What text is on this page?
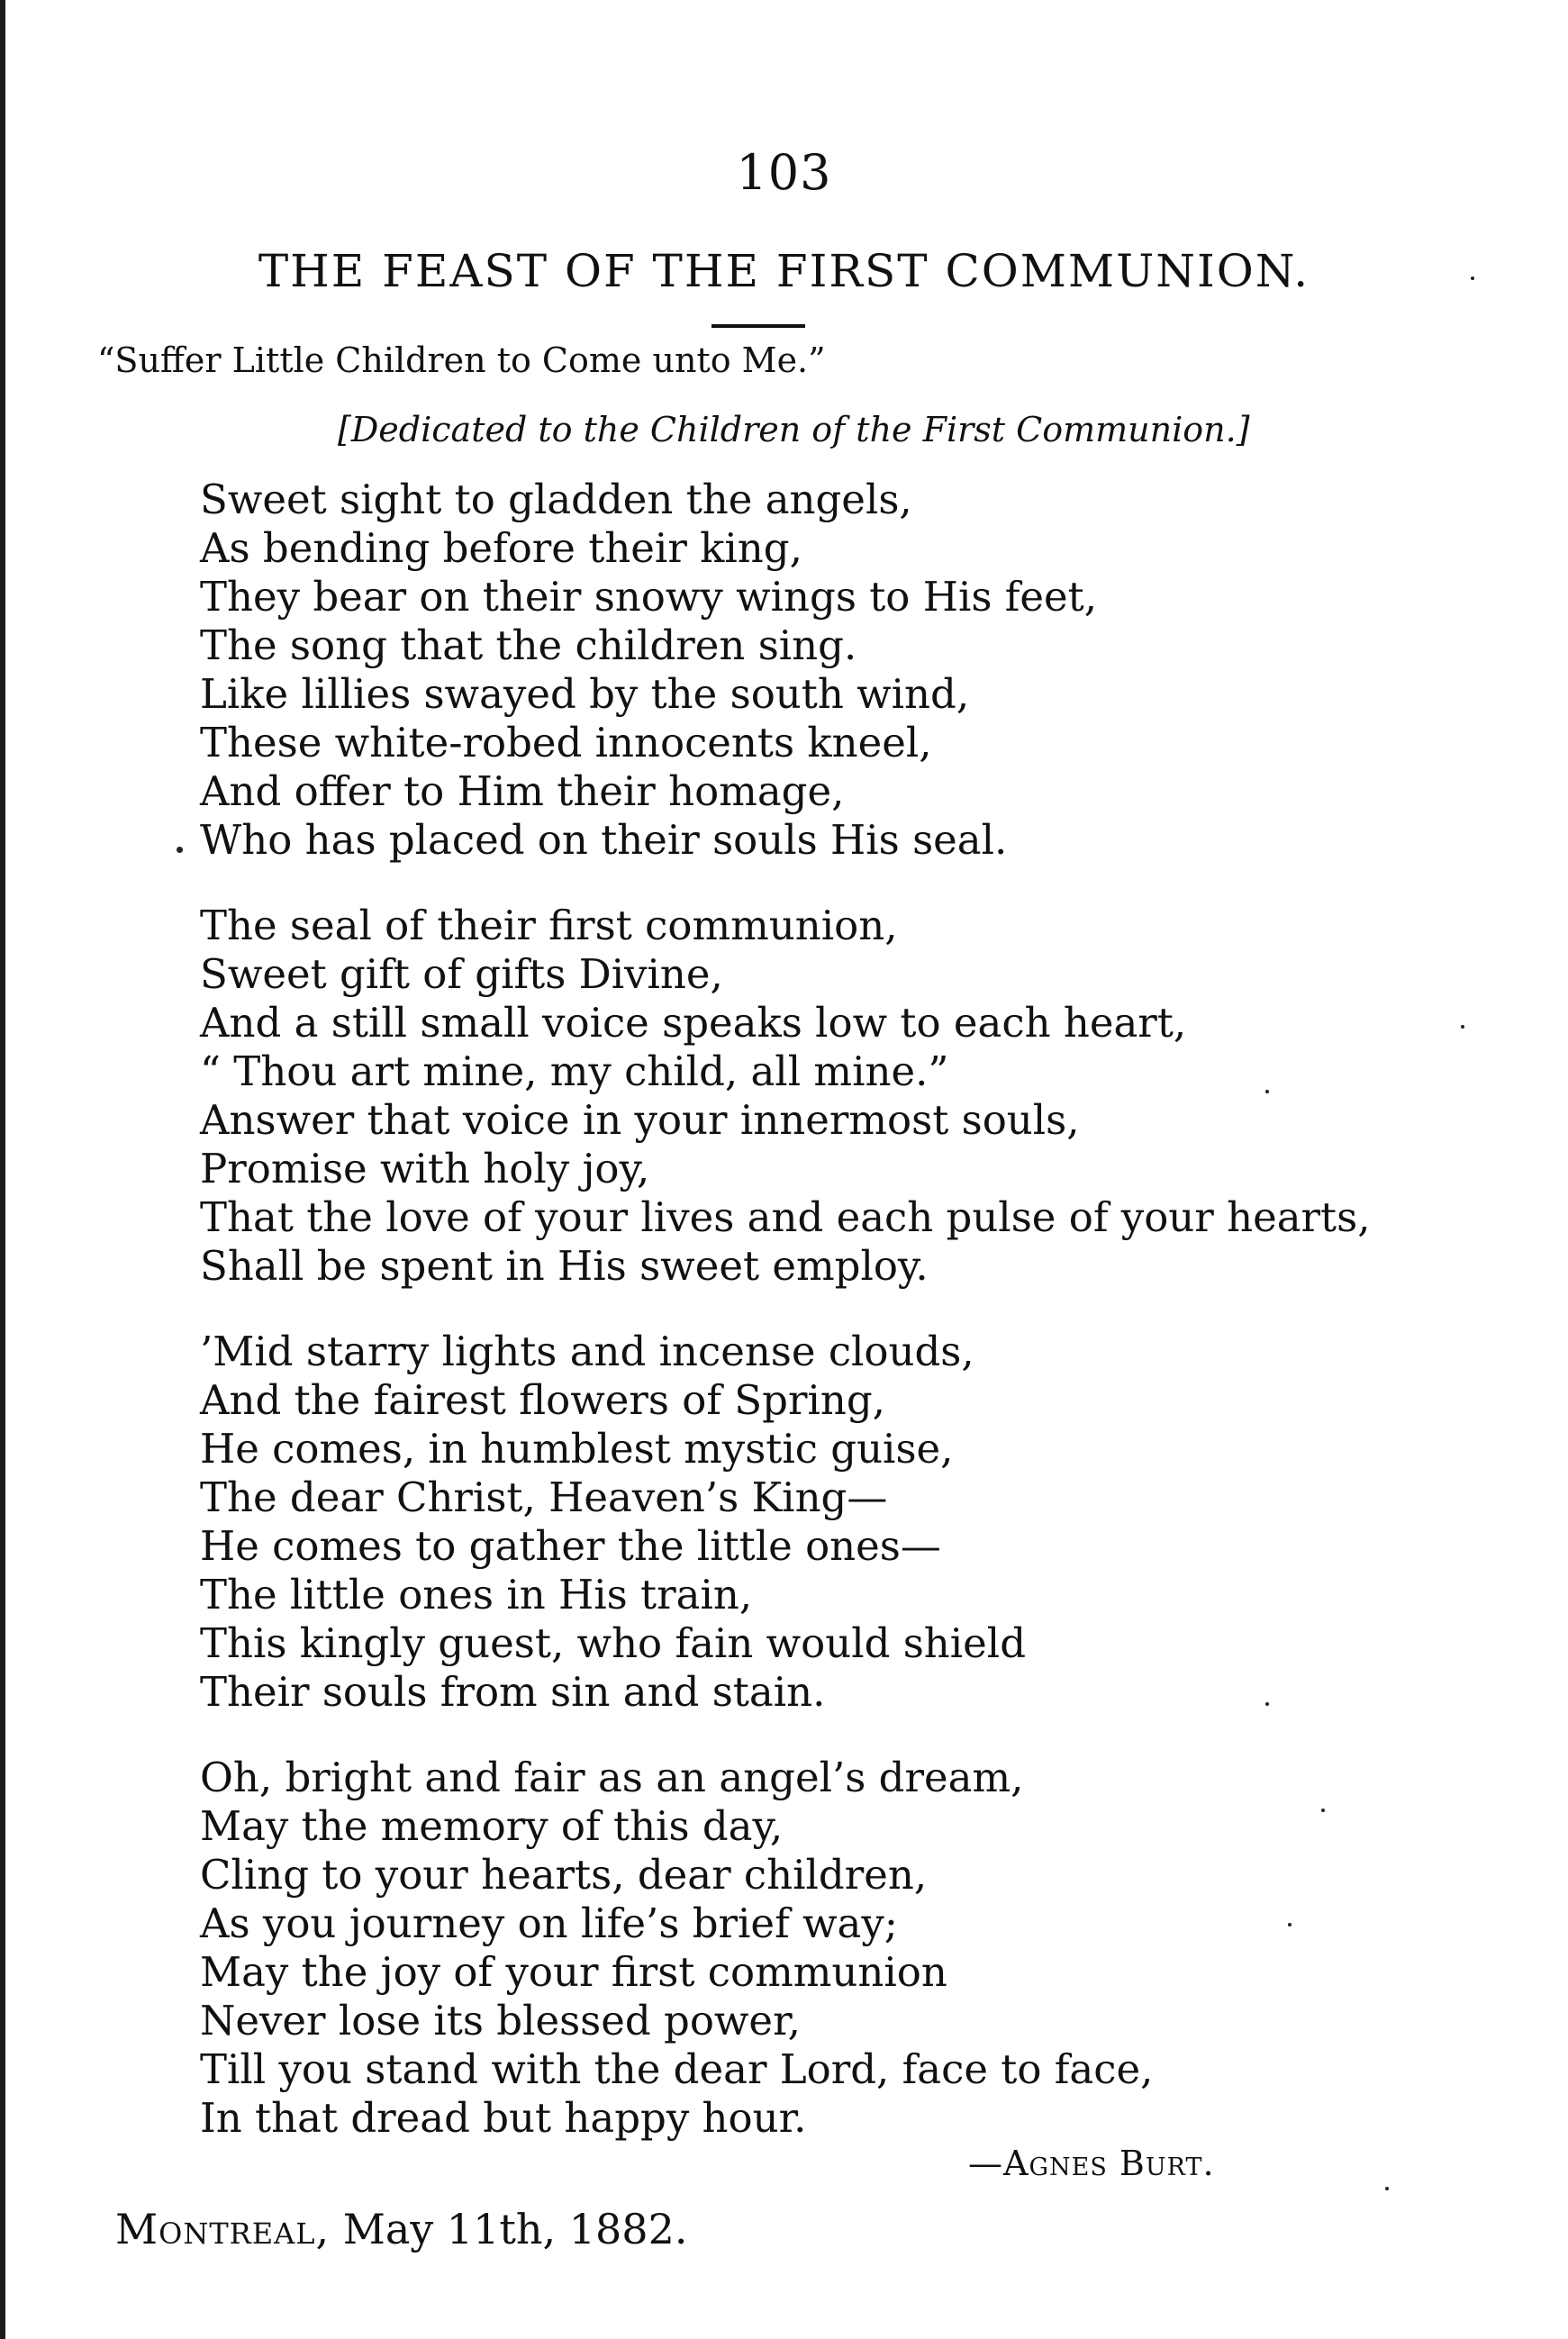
103
THE FEAST OF THE FIRST COMMUNION.
“Suffer Little Children to Come unto Me.”
[Dedicated to the Children of the First Communion.]
Sweet sight to gladden the angels,
As bending before their king,
They bear on their snowy wings to His feet,
The song that the children sing.
Like lillies swayed by the south wind,
These white-robed innocents kneel,
And offer to Him their homage,
Who has placed on their souls His seal.
The seal of their first communion,
Sweet gift of gifts Divine,
And a still small voice speaks low to each heart,
“ Thou art mine, my child, all mine.”
Answer that voice in your innermost souls,
Promise with holy joy,
That the love of your lives and each pulse of your hearts,
Shall be spent in His sweet employ.
’Mid starry lights and incense clouds,
And the fairest flowers of Spring,
He comes, in humblest mystic guise,
The dear Christ, Heaven’s King—
He comes to gather the little ones—
The little ones in His train,
This kingly guest, who fain would shield
Their souls from sin and stain.
Oh, bright and fair as an angel’s dream,
May the memory of this day,
Cling to your hearts, dear children,
As you journey on life’s brief way;
May the joy of your first communion
Never lose its blessed power,
Till you stand with the dear Lord, face to face,
In that dread but happy hour.
—Agnes Burt.
Montreal, May 11th, 1882.
